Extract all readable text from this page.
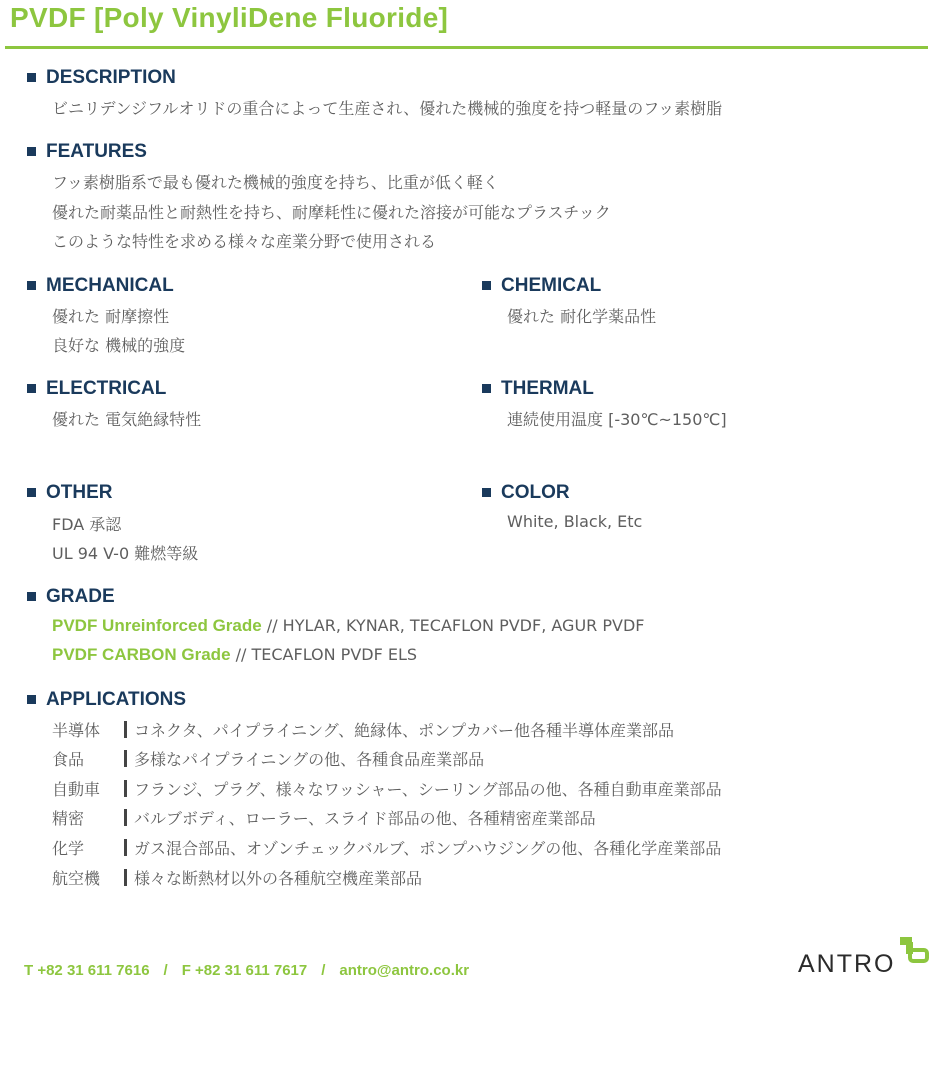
PVDF [Poly VinyliDene Fluoride]
DESCRIPTION
ビニリデンジフルオリドの重合によって生産され、優れた機械的強度を持つ軽量のフッ素樹脂
FEATURES
フッ素樹脂系で最も優れた機械的強度を持ち、比重が低く軽く
優れた耐薬品性と耐熱性を持ち、耐摩耗性に優れた溶接が可能なプラスチック
このような特性を求める様々な産業分野で使用される
MECHANICAL
優れた 耐摩擦性
良好な 機械的強度
CHEMICAL
優れた 耐化学薬品性
ELECTRICAL
優れた 電気絶縁特性
THERMAL
連続使用温度 [-30℃~150℃]
OTHER
FDA 承認
UL 94 V-0 難燃等級
COLOR
White, Black, Etc
GRADE
PVDF Unreinforced Grade // HYLAR, KYNAR, TECAFLON PVDF, AGUR PVDF
PVDF CARBON Grade // TECAFLON PVDF ELS
APPLICATIONS
半導体 コネクタ、パイプライニング、絶縁体、ポンプカバー他各種半導体産業部品
食品	多様なパイプライニングの他、各種食品産業部品
自動車 フランジ、プラグ、様々なワッシャー、シーリング部品の他、各種自動車産業部品
精密	バルブボディ、ローラー、スライド部品の他、各種精密産業部品
化学	ガス混合部品、オゾンチェックバルブ、ポンプハウジングの他、各種化学産業部品
航空機 様々な断熱材以外の各種航空機産業部品
T +82 31 611 7616 / F +82 31 611 7617 / antro@antro.co.kr	ANTRO
